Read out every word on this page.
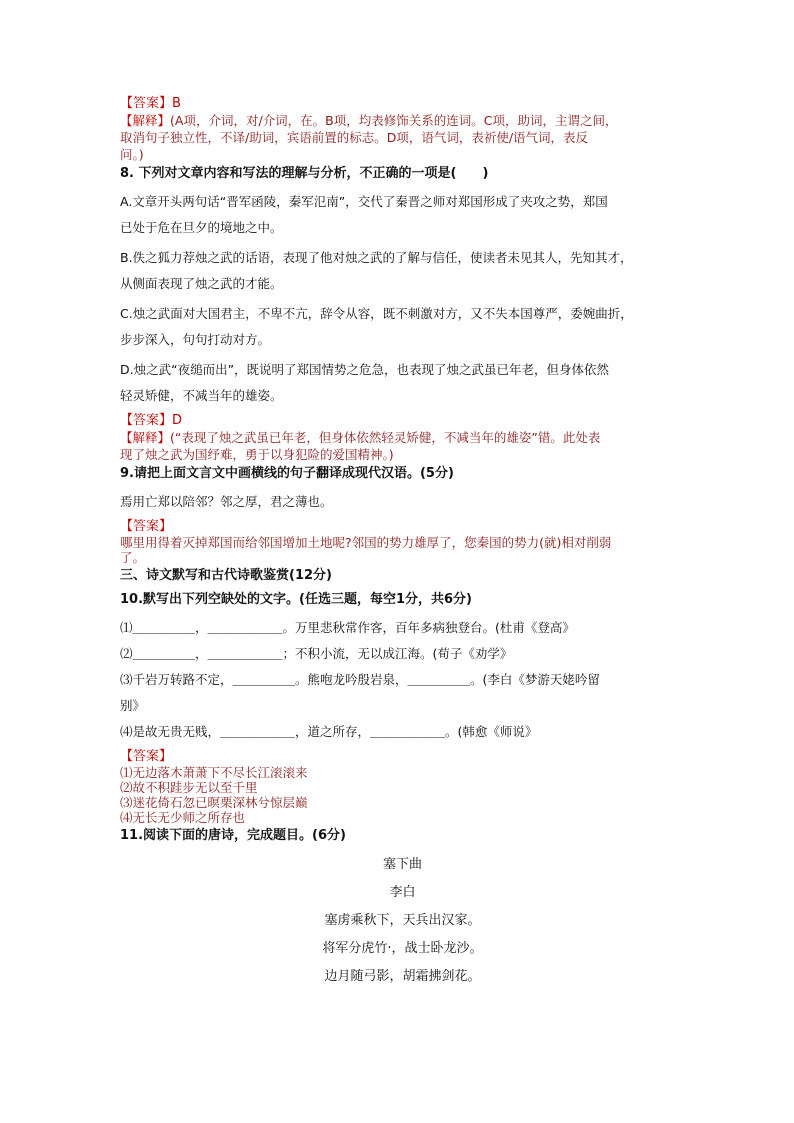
【答案】B

【解释】(A项，介词，对/介词，在。B项，均表修饰关系的连词。C项，助词，主谓之间，

取消句子独立性，不译/助词，宾语前置的标志。D项，语气词，表祈使/语气词，表反

问。)

8. 下列对文章内容和写法的理解与分析，不正确的一项是(　　)

A.文章开头两句话“晋军函陵，秦军氾南”，交代了秦晋之师对郑国形成了夹攻之势，郑国

已处于危在旦夕的境地之中。

B.佚之狐力荐烛之武的话语，表现了他对烛之武的了解与信任，使读者未见其人，先知其才，

从侧面表现了烛之武的才能。

C.烛之武面对大国君主，不卑不亢，辞令从容，既不刺激对方，又不失本国尊严，委婉曲折，

步步深入，句句打动对方。

D.烛之武“夜缒而出”，既说明了郑国情势之危急，也表现了烛之武虽已年老，但身体依然

轻灵矫健，不减当年的雄姿。

【答案】D

【解释】(“表现了烛之武虽已年老，但身体依然轻灵矫健，不减当年的雄姿”错。此处表

现了烛之武为国纾难，勇于以身犯险的爱国精神。)

9.请把上面文言文中画横线的句子翻译成现代汉语。(5分)

焉用亡郑以陪邻？邻之厚，君之薄也。

【答案】

哪里用得着灭掉郑国而给邻国增加土地呢?邻国的势力雄厚了，您秦国的势力(就)相对削弱

了。

三、诗文默写和古代诗歌鉴赏(12分)

10.默写出下列空缺处的文字。(任选三题，每空1分，共6分)

⑴＿＿＿＿＿，＿＿＿＿＿＿。万里悲秋常作客，百年多病独登台。(杜甫《登高》

⑵＿＿＿＿＿，＿＿＿＿＿＿；不积小流，无以成江海。(荀子《劝学》

⑶千岩万转路不定，＿＿＿＿＿。熊咆龙吟殷岩泉，＿＿＿＿＿。(李白《梦游天姥吟留

别》

⑷是故无贵无贱，＿＿＿＿＿＿，道之所存，＿＿＿＿＿＿。(韩愈《师说》

【答案】

⑴无边落木萧萧下不尽长江滚滚来

⑵故不积跬步无以至千里

⑶迷花倚石忽已暝栗深林兮惊层巅

⑷无长无少师之所存也

11.阅读下面的唐诗，完成题目。(6分)

塞下曲

李白

塞虏乘秋下，天兵出汉家。

将军分虎竹·，战士卧龙沙。

边月随弓影，胡霜拂剑花。
